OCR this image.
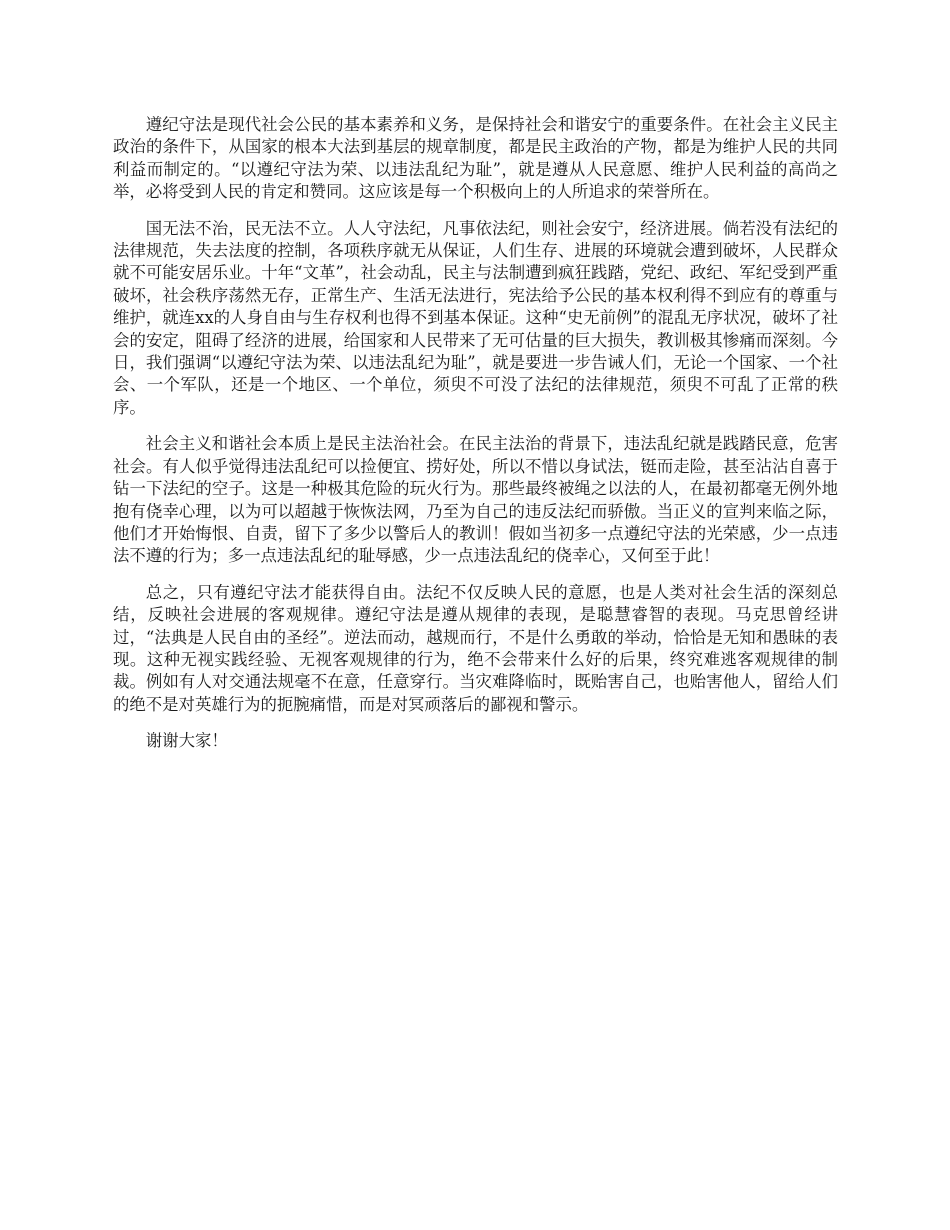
遵纪守法是现代社会公民的基本素养和义务，是保持社会和谐安宁的重要条件。在社会主义民主政治的条件下，从国家的根本大法到基层的规章制度，都是民主政治的产物，都是为维护人民的共同利益而制定的。“以遵纪守法为荣、以违法乱纪为耻”，就是遵从人民意愿、维护人民利益的高尚之举，必将受到人民的肯定和赞同。这应该是每一个积极向上的人所追求的荣誉所在。

国无法不治，民无法不立。人人守法纪，凡事依法纪，则社会安宁，经济进展。倘若没有法纪的法律规范，失去法度的控制，各项秩序就无从保证，人们生存、进展的环境就会遭到破坏，人民群众就不可能安居乐业。十年“文革”，社会动乱，民主与法制遭到疯狂践踏，党纪、政纪、军纪受到严重破坏，社会秩序荡然无存，正常生产、生活无法进行，宪法给予公民的基本权利得不到应有的尊重与维护，就连xx的人身自由与生存权利也得不到基本保证。这种“史无前例”的混乱无序状况，破坏了社会的安定，阻碍了经济的进展，给国家和人民带来了无可估量的巨大损失，教训极其惨痛而深刻。今日，我们强调“以遵纪守法为荣、以违法乱纪为耻”，就是要进一步告诫人们，无论一个国家、一个社会、一个军队，还是一个地区、一个单位，须臾不可没了法纪的法律规范，须臾不可乱了正常的秩序。

社会主义和谐社会本质上是民主法治社会。在民主法治的背景下，违法乱纪就是践踏民意，危害社会。有人似乎觉得违法乱纪可以捡便宜、捞好处，所以不惜以身试法，铤而走险，甚至沾沾自喜于钻一下法纪的空子。这是一种极其危险的玩火行为。那些最终被绳之以法的人，在最初都毫无例外地抱有侥幸心理，以为可以超越于恢恢法网，乃至为自己的违反法纪而骄傲。当正义的宣判来临之际，他们才开始悔恨、自责，留下了多少以警后人的教训！假如当初多一点遵纪守法的光荣感，少一点违法不遵的行为；多一点违法乱纪的耻辱感，少一点违法乱纪的侥幸心，又何至于此！

总之，只有遵纪守法才能获得自由。法纪不仅反映人民的意愿，也是人类对社会生活的深刻总结，反映社会进展的客观规律。遵纪守法是遵从规律的表现，是聪慧睿智的表现。马克思曾经讲过，“法典是人民自由的圣经”。逆法而动，越规而行，不是什么勇敢的举动，恰恰是无知和愚昧的表现。这种无视实践经验、无视客观规律的行为，绝不会带来什么好的后果，终究难逃客观规律的制裁。例如有人对交通法规毫不在意，任意穿行。当灾难降临时，既贻害自己，也贻害他人，留给人们的绝不是对英雄行为的扼腕痛惜，而是对冥顽落后的鄙视和警示。

谢谢大家！
